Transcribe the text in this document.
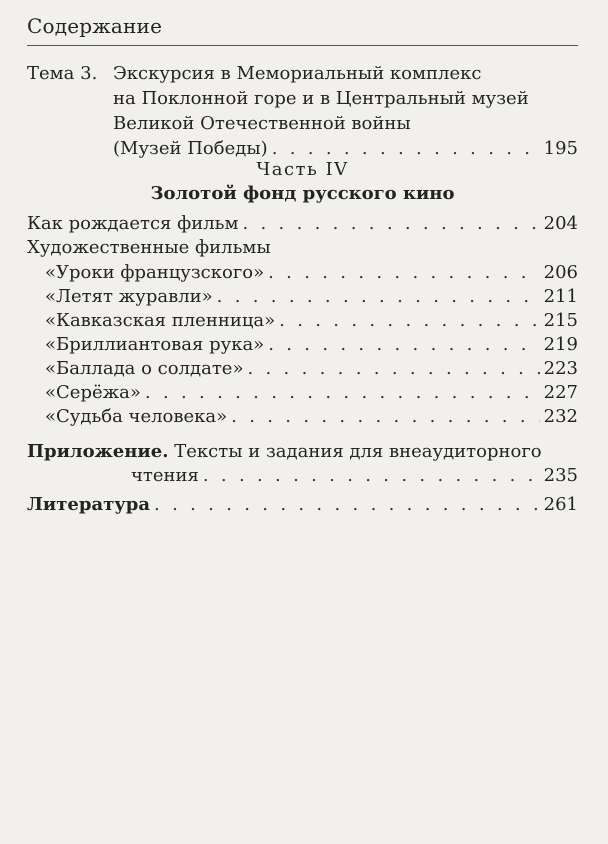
Содержание
Тема 3. Экскурсия в Мемориальный комплекс
на Поклонной горе и в Центральный музей
Великой Отечественной войны
(Музей Победы) . . .	195
Часть IV
Золотой фонд русского кино
Как рождается фильм . . .	204
Художественные фильмы
«Уроки французского» . . .	206
«Летят журавли» . . .	211
«Кавказская пленница» . . .	215
«Бриллиантовая рука» . . .	219
«Баллада о солдате» . . .	223
«Серёжа» . . .	227
«Судьба человека» . . .	232
Приложение. Тексты и задания для внеаудиторного
чтения . . .	235
Литература . . .	261
